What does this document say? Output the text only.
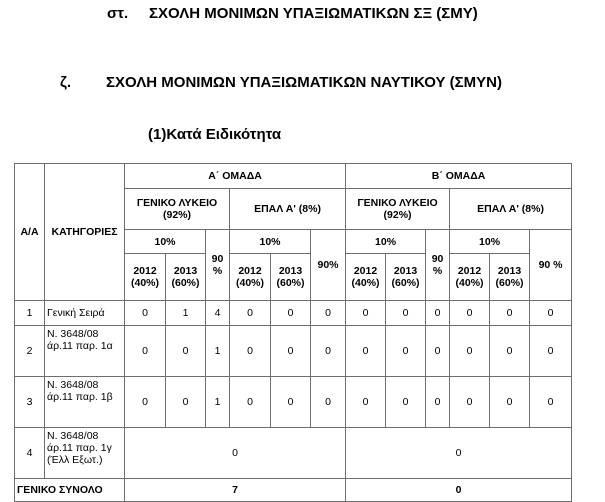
στ. ΣΧΟΛΗ ΜΟΝΙΜΩΝ ΥΠΑΞΙΩΜΑΤΙΚΩΝ ΣΞ (ΣΜΥ)
ζ. ΣΧΟΛΗ ΜΟΝΙΜΩΝ ΥΠΑΞΙΩΜΑΤΙΚΩΝ ΝΑΥΤΙΚΟΥ (ΣΜΥΝ)
(1)Κατά Ειδικότητα
Α/Α	ΚΑΤΗΓΟΡΙΕΣ	Α΄ ΟΜΑΔΑ						Β΄ ΟΜΑΔΑ					
		ΓΕΝΙΚΟ ΛΥΚΕΙΟ (92%)			ΕΠΑΛ Α' (8%)			ΓΕΝΙΚΟ ΛΥΚΕΙΟ (92%)			ΕΠΑΛ Α' (8%)		
		10%		90 %	10%		90%	10%		90 %	10%		90 %
		2012 (40%)	2013 (60%)		2012 (40%)	2013 (60%)		2012 (40%)	2013 (60%)		2012 (40%)	2013 (60%)	
1	Γενική Σειρά	0	1	4	0	0	0	0	0	0	0	0	0
2	Ν. 3648/08 άρ.11 παρ. 1α	0	0	1	0	0	0	0	0	0	0	0	0
3	Ν. 3648/08 άρ.11 παρ. 1β	0	0	1	0	0	0	0	0	0	0	0	0
4	Ν. 3648/08 άρ.11 παρ. 1γ (Έλλ Εξωτ.)	0						0					
ΓΕΝΙΚΟ ΣΥΝΟΛΟ		7						0					
